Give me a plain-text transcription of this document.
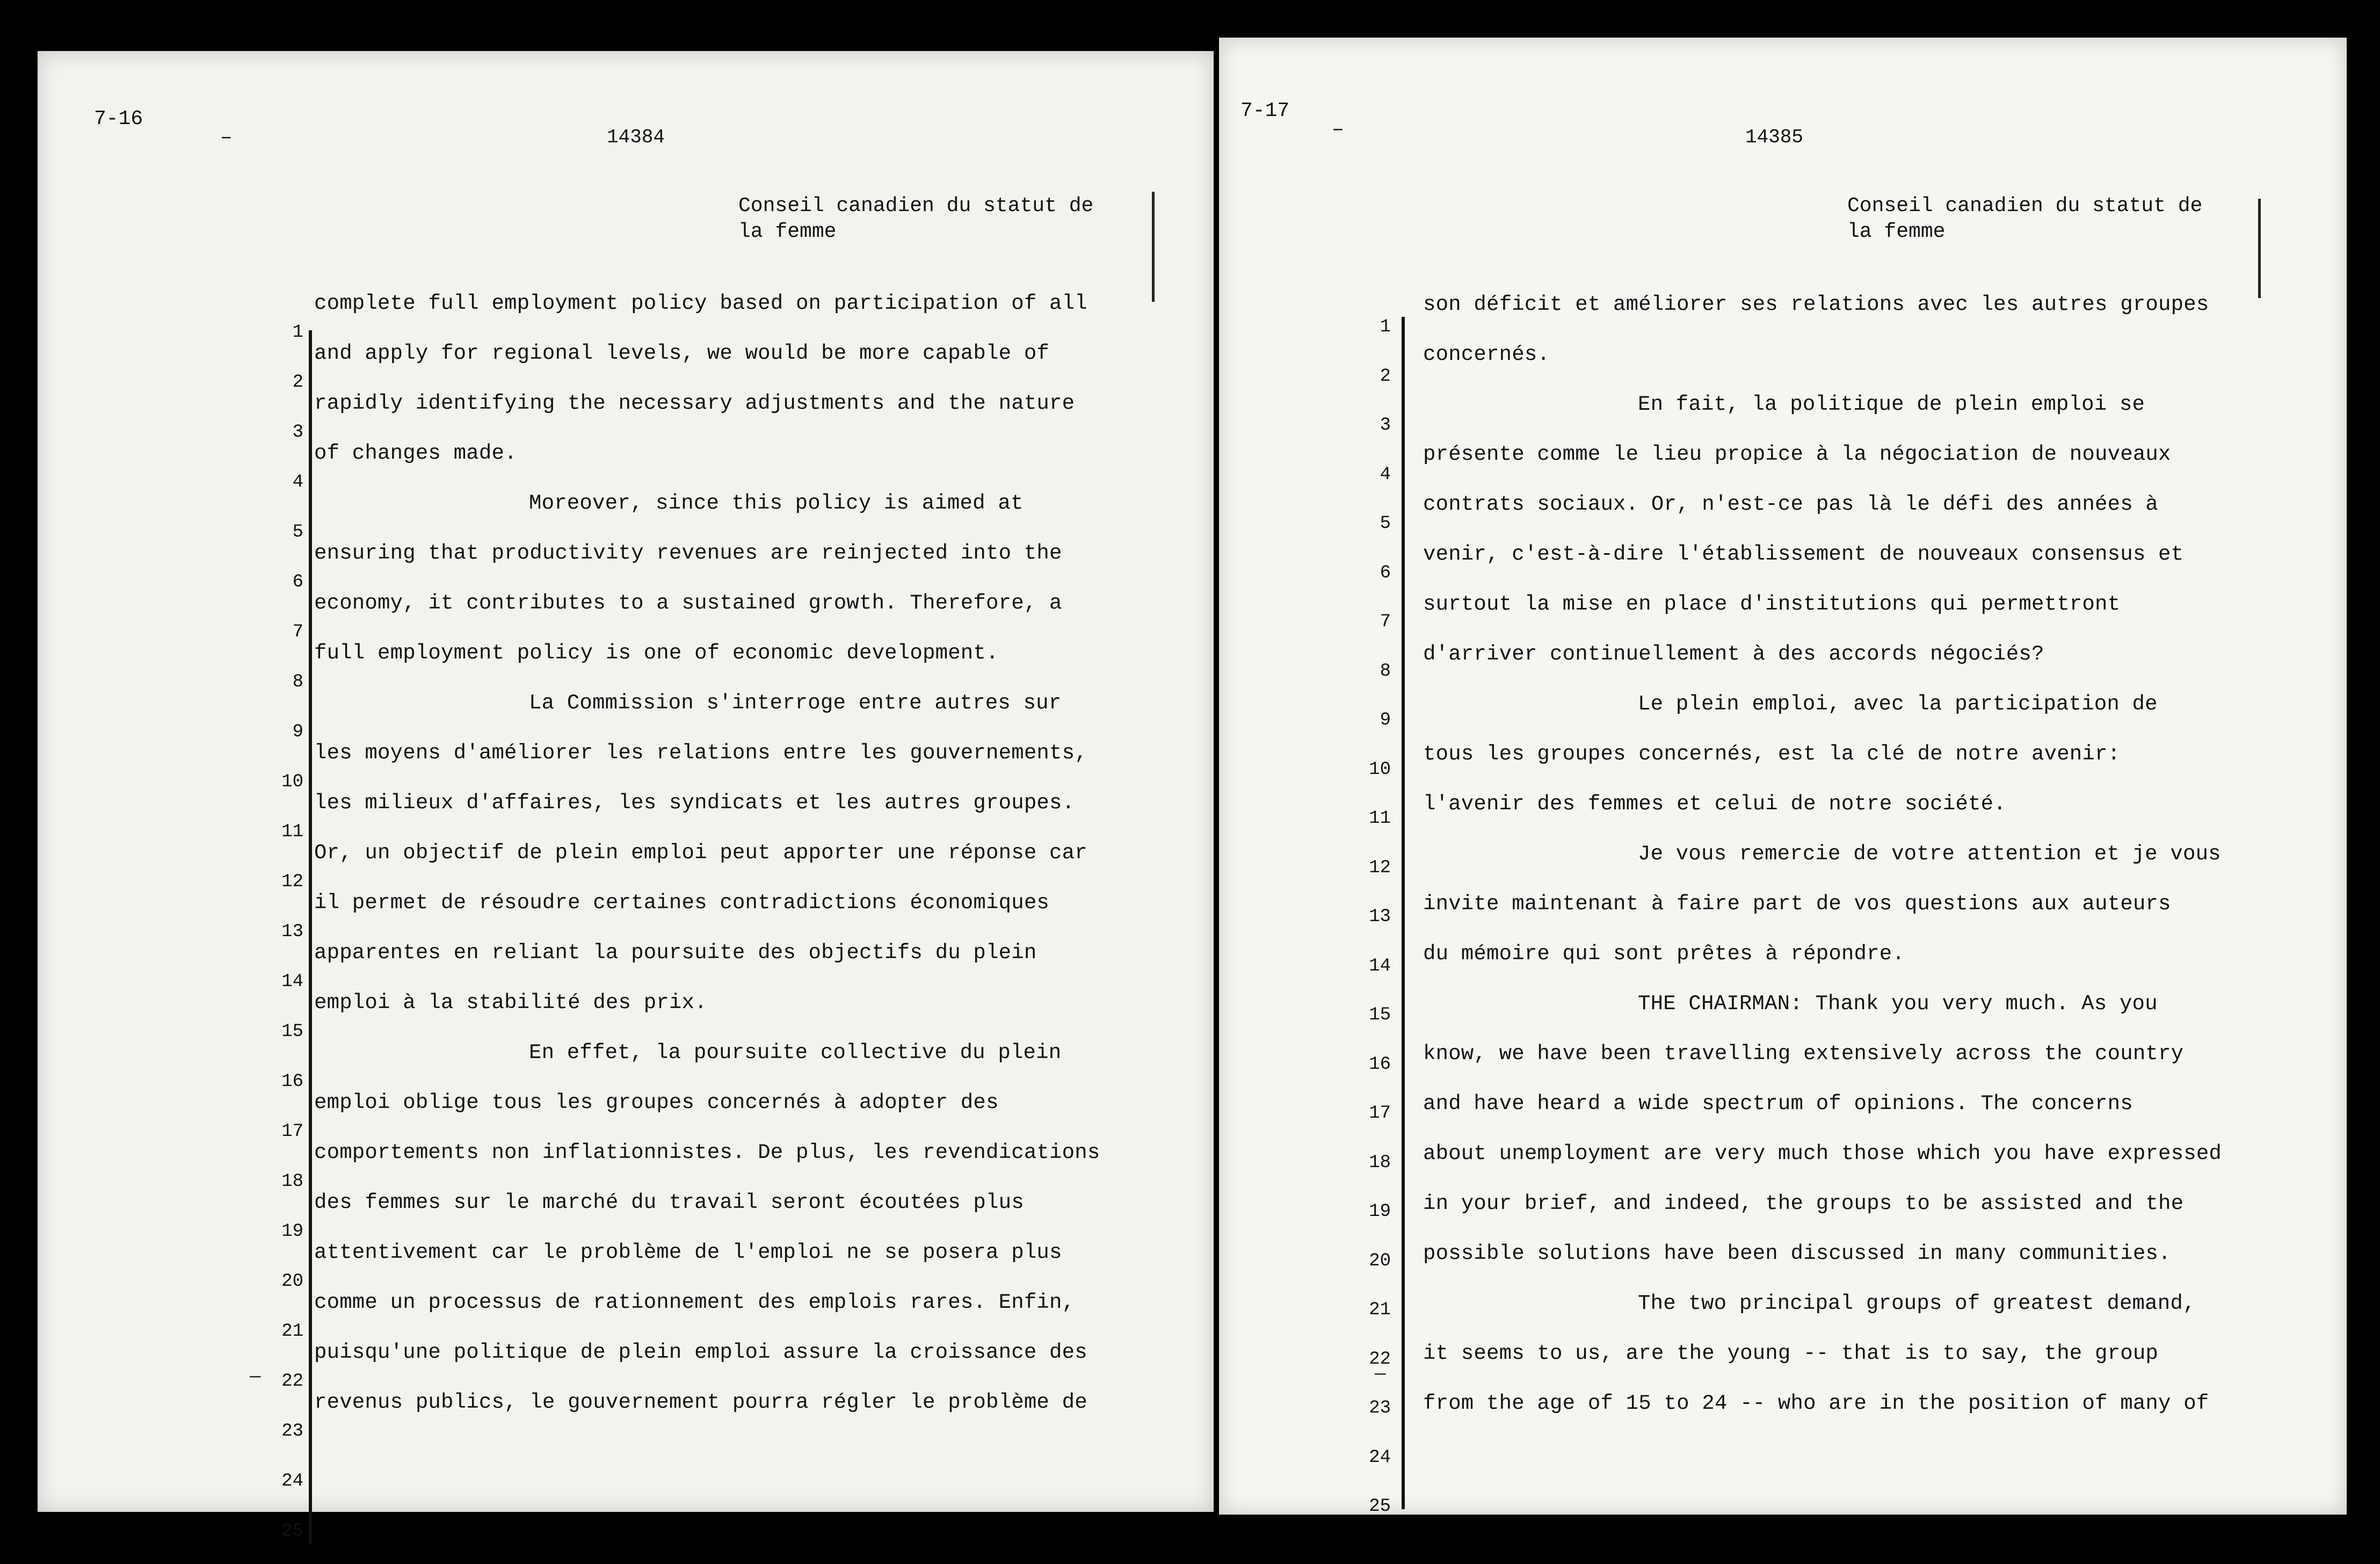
7-16
–	14384
Conseil canadien du statut de
la femme
1
2
3
4
5
6
7
8
9
10
11
12
13
14
15
16
17
18
19
20
21
22
23
24
25
complete full employment policy based on participation of all
and apply for regional levels, we would be more capable of
rapidly identifying the necessary adjustments and the nature
of changes made.
Moreover, since this policy is aimed at
ensuring that productivity revenues are reinjected into the
economy, it contributes to a sustained growth. Therefore, a
full employment policy is one of economic development.
La Commission s'interroge entre autres sur
les moyens d'améliorer les relations entre les gouvernements,
les milieux d'affaires, les syndicats et les autres groupes.
Or, un objectif de plein emploi peut apporter une réponse car
il permet de résoudre certaines contradictions économiques
apparentes en reliant la poursuite des objectifs du plein
emploi à la stabilité des prix.
En effet, la poursuite collective du plein
emploi oblige tous les groupes concernés à adopter des
comportements non inflationnistes. De plus, les revendications
des femmes sur le marché du travail seront écoutées plus
attentivement car le problème de l'emploi ne se posera plus
comme un processus de rationnement des emplois rares. Enfin,
puisqu'une politique de plein emploi assure la croissance des
revenus publics, le gouvernement pourra régler le problème de
—
7-17
–	14385
Conseil canadien du statut de
la femme
1
2
3
4
5
6
7
8
9
10
11
12
13
14
15
16
17
18
19
20
21
22
23
24
25
son déficit et améliorer ses relations avec les autres groupes
concernés.
En fait, la politique de plein emploi se
présente comme le lieu propice à la négociation de nouveaux
contrats sociaux. Or, n'est-ce pas là le défi des années à
venir, c'est-à-dire l'établissement de nouveaux consensus et
surtout la mise en place d'institutions qui permettront
d'arriver continuellement à des accords négociés?
Le plein emploi, avec la participation de
tous les groupes concernés, est la clé de notre avenir:
l'avenir des femmes et celui de notre société.
Je vous remercie de votre attention et je vous
invite maintenant à faire part de vos questions aux auteurs
du mémoire qui sont prêtes à répondre.
THE CHAIRMAN: Thank you very much. As you
know, we have been travelling extensively across the country
and have heard a wide spectrum of opinions. The concerns
about unemployment are very much those which you have expressed
in your brief, and indeed, the groups to be assisted and the
possible solutions have been discussed in many communities.
The two principal groups of greatest demand,
it seems to us, are the young -- that is to say, the group
from the age of 15 to 24 -- who are in the position of many of
—
